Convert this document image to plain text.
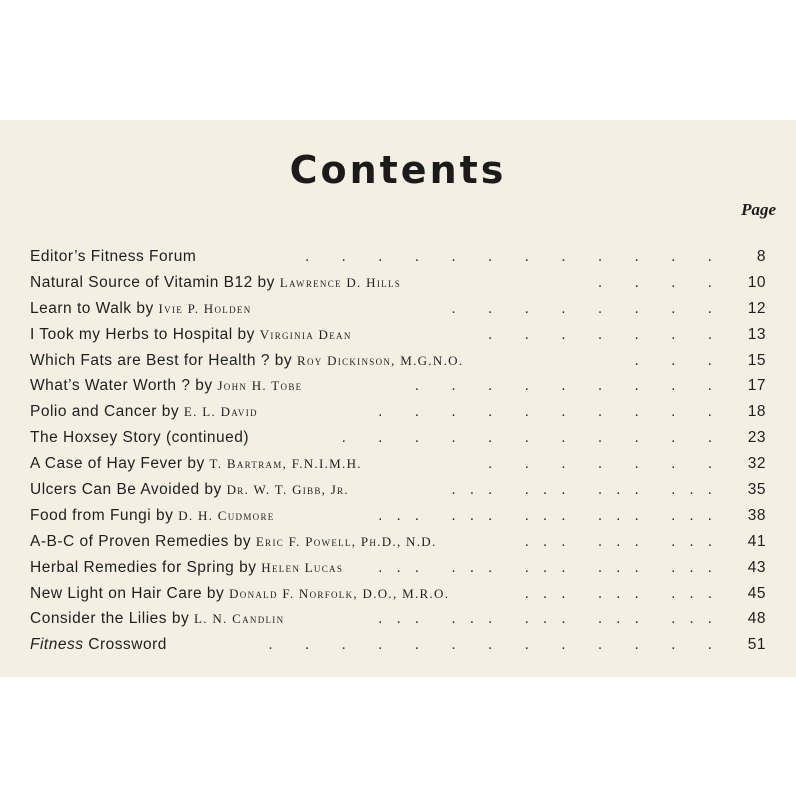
Contents
Page
Editor’s Fitness Forum	. . . . . . . . . . . .	8
Natural Source of Vitamin B12 by Lawrence D. Hills	. . . .	10
Learn to Walk by Ivie P. Holden	. . . . . . . .	12
I Took my Herbs to Hospital by Virginia Dean	. . . . . . .	13
Which Fats are Best for Health ? by Roy Dickinson, M.G.N.O.	. . .	15
What’s Water Worth ? by John H. Tobe	. . . . . . . . .	17
Polio and Cancer by E. L. David	. . . . . . . . . .	18
The Hoxsey Story (continued)	. . . . . . . . . . .	23
A Case of Hay Fever by T. Bartram, F.N.I.M.H.	. . . . . . .	32
Ulcers Can Be Avoided by Dr. W. T. Gibb, Jr.	... ... ... ...	35
Food from Fungi by D. H. Cudmore	... ... ... ... ...	38
A-B-C of Proven Remedies by Eric F. Powell, Ph.D., N.D.	... ... ...	41
Herbal Remedies for Spring by Helen Lucas ... ... ... ... ...	43
New Light on Hair Care by Donald F. Norfolk, D.O., M.R.O.	... ... ...	45
Consider the Lilies by L. N. Candlin	... ... ... ... ...	48
Fitness Crossword	. . . . . . . . . . . . .	51
